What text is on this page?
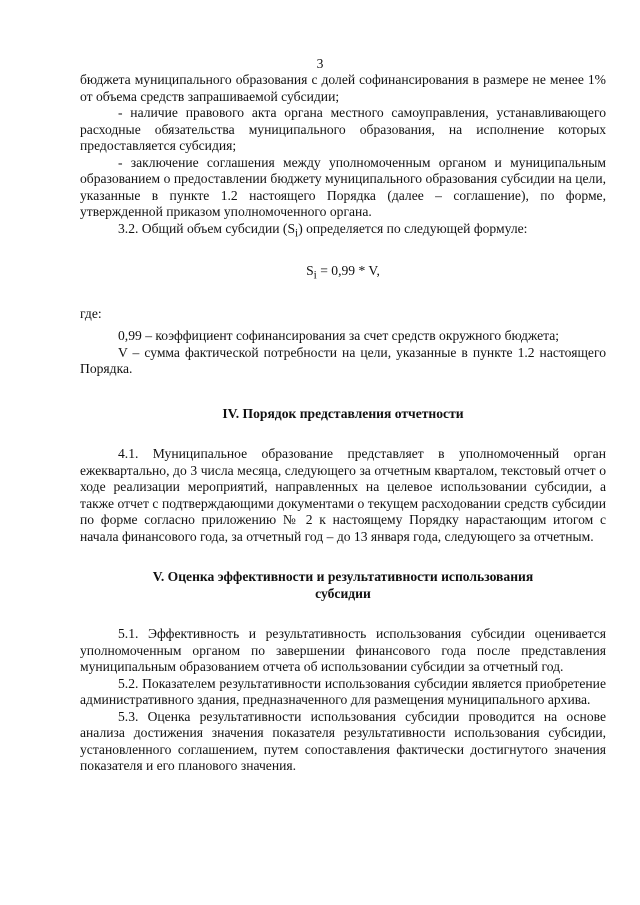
3

бюджета муниципального образования с долей софинансирования в размере не менее 1% от объема средств запрашиваемой субсидии;

- наличие правового акта органа местного самоуправления, устанавливающего расходные обязательства муниципального образования, на исполнение которых предоставляется субсидия;

- заключение соглашения между уполномоченным органом и муниципальным образованием о предоставлении бюджету муниципального образования субсидии на цели, указанные в пункте 1.2 настоящего Порядка (далее – соглашение), по форме, утвержденной приказом уполномоченного органа.

3.2. Общий объем субсидии $(S_i)$ определяется по следующей формуле:

$S_i = 0,99 * V$,

где:

0,99 – коэффициент софинансирования за счет средств окружного бюджета;

V – сумма фактической потребности на цели, указанные в пункте 1.2 настоящего Порядка.

IV. Порядок представления отчетности

4.1. Муниципальное образование представляет в уполномоченный орган ежеквартально, до 3 числа месяца, следующего за отчетным кварталом, текстовый отчет о ходе реализации мероприятий, направленных на целевое использовании субсидии, а также отчет с подтверждающими документами о текущем расходовании средств субсидии по форме согласно приложению № 2 к настоящему Порядку нарастающим итогом с начала финансового года, за отчетный год – до 13 января года, следующего за отчетным.

V. Оценка эффективности и результативности использования
субсидии

5.1. Эффективность и результативность использования субсидии оценивается уполномоченным органом по завершении финансового года после представления муниципальным образованием отчета об использовании субсидии за отчетный год.

5.2. Показателем результативности использования субсидии является приобретение административного здания, предназначенного для размещения муниципального архива.

5.3. Оценка результативности использования субсидии проводится на основе анализа достижения значения показателя результативности использования субсидии, установленного соглашением, путем сопоставления фактически достигнутого значения показателя и его планового значения.
